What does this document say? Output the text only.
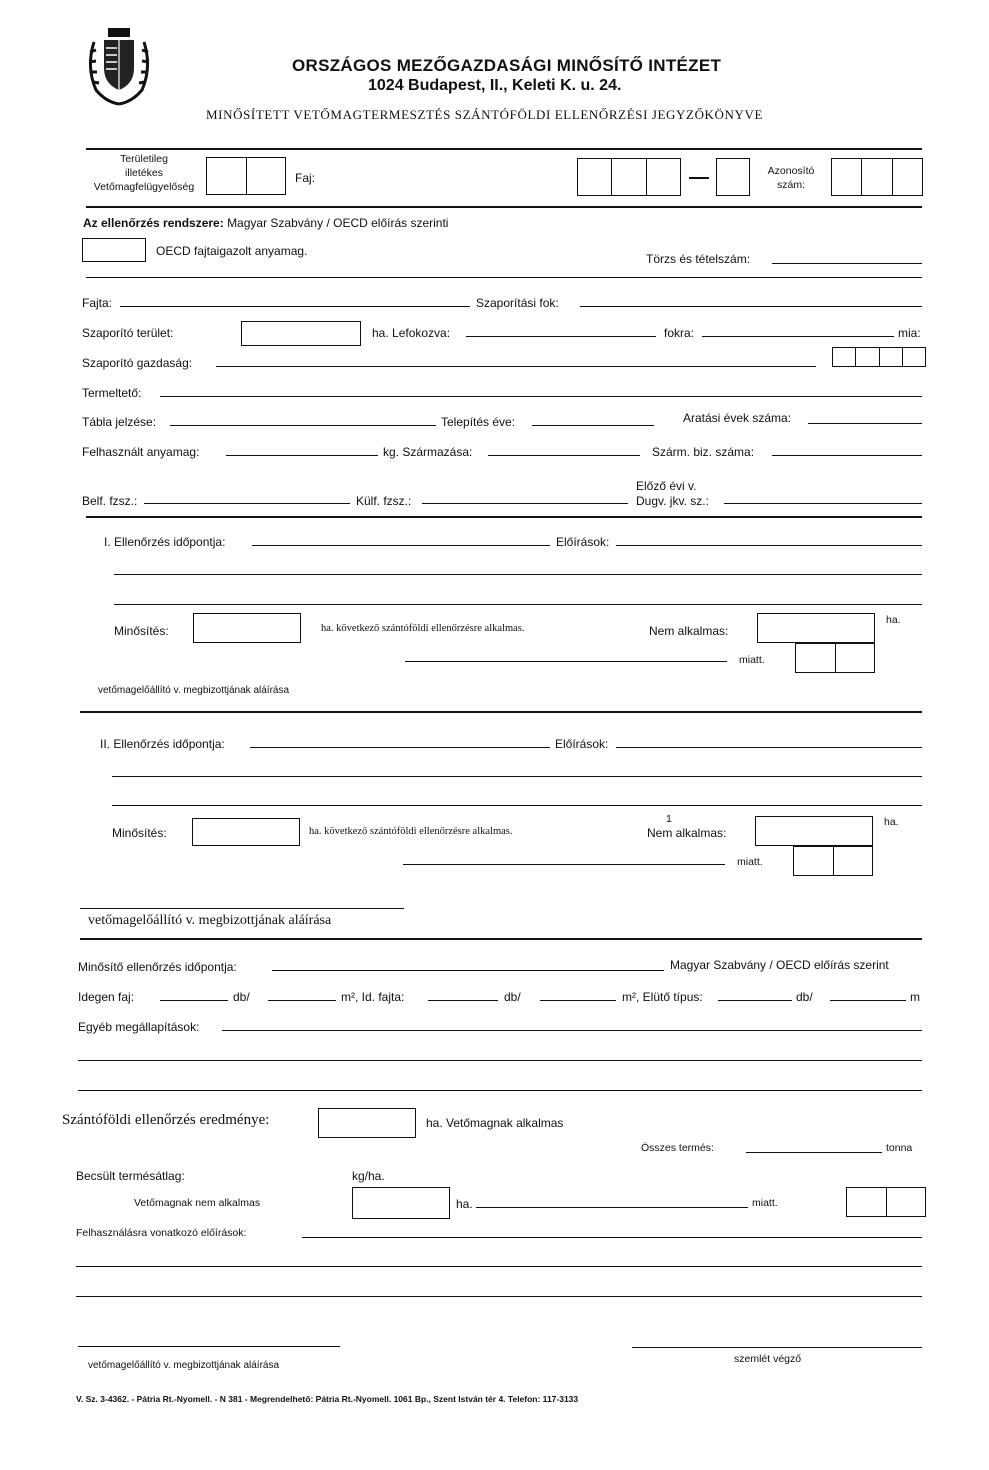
ORSZÁGOS MEZŐGAZDASÁGI MINŐSÍTŐ INTÉZET
1024 Budapest, II., Keleti K. u. 24.
MINŐSÍTETT VETŐMAGTERMESZTÉS SZÁNTÓFÖLDI ELLENŐRZÉSI JEGYZŐKÖNYVE
Területileg
illetékes
Vetőmagfelügyelőség
Faj:	Azonosító
szám:
Az ellenőrzés rendszere: Magyar Szabvány / OECD előírás szerinti
OECD fajtaigazolt anyamag.
Törzs és tételszám:
Fajta:	Szaporítási fok:
Szaporító terület:	ha. Lefokozva:	fokra:	mia:
Szaporító gazdaság:
Termeltető:
Tábla jelzése:	Telepítés éve:	Aratási évek száma:
Felhasznált anyamag:	kg. Származása:	Szárm. biz. száma:
Előző évi v.
Belf. fzsz.:	Külf. fzsz.:	Dugv. jkv. sz.:
I. Ellenőrzés időpontja:	Előírások:
Minősítés:	ha. következő szántóföldi ellenőrzésre alkalmas.	Nem alkalmas:
ha.
miatt.
vetőmagelőállító v. megbizottjának aláírása
II. Ellenőrzés időpontja:	Előírások:
1
Minősítés:	ha. következő szántóföldi ellenőrzésre alkalmas.	Nem alkalmas:
ha.
miatt.
vetőmagelőállító v. megbizottjának aláírása
Minősítő ellenőrzés időpontja:	Magyar Szabvány / OECD előírás szerint
Idegen faj:	db/	m², Id. fajta:	db/	m², Elütő típus:	db/	m
Egyéb megállapítások:
Szántóföldi ellenőrzés eredménye:	ha. Vetőmagnak alkalmas
Összes termés:	tonna
Becsült termésátlag:	kg/ha.
Vetőmagnak nem alkalmas	ha.	miatt.
Felhasználásra vonatkozó előírások:
vetőmagelőállító v. megbizottjának aláírása
szemlét végző
V. Sz. 3-4362. - Pátria Rt.-Nyomell. - N 381 - Megrendelhető: Pátria Rt.-Nyomell. 1061 Bp., Szent István tér 4. Telefon: 117-3133
